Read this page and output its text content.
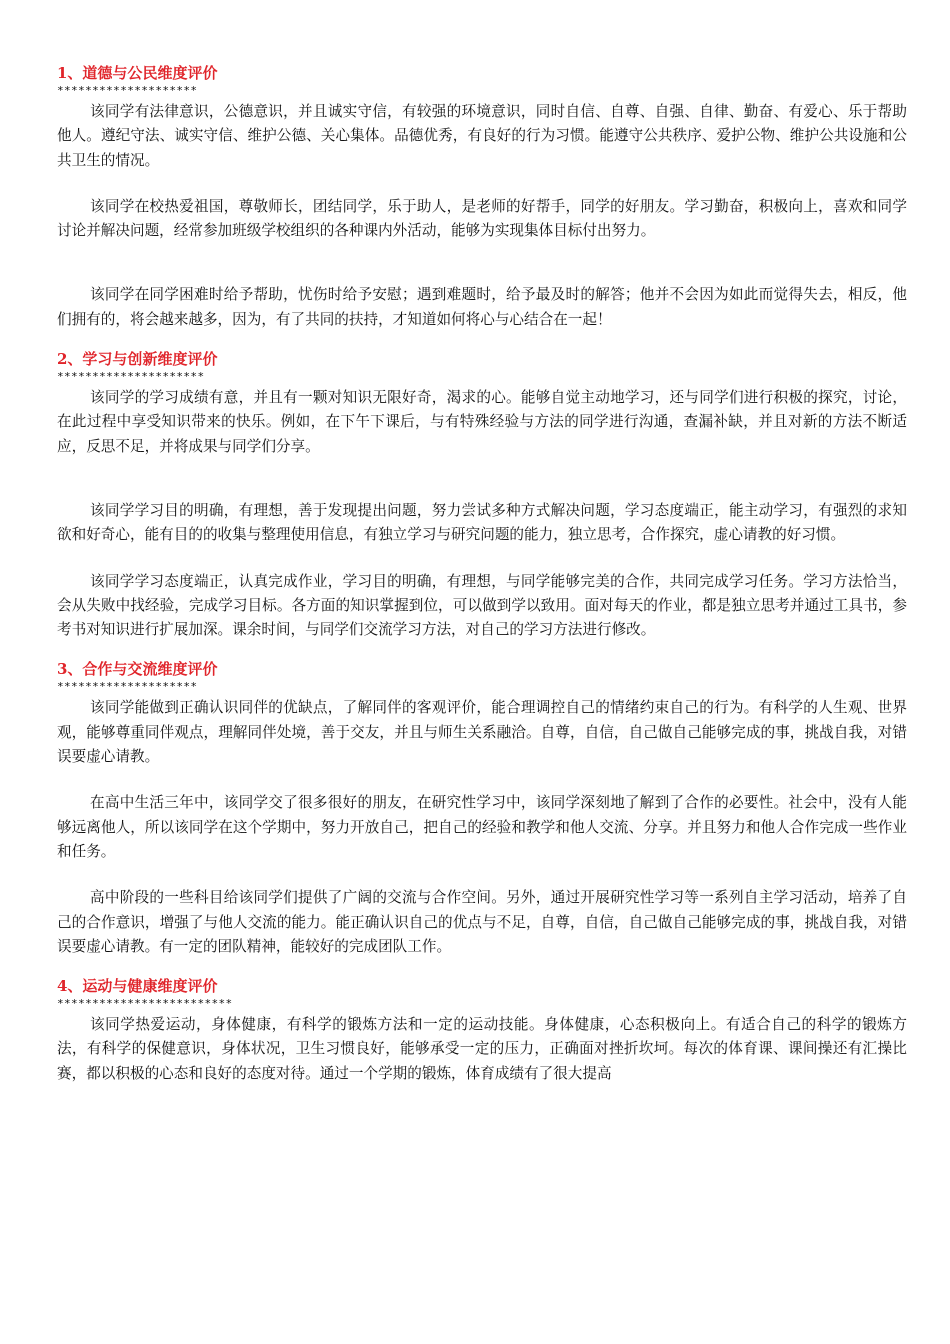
1、道德与公民维度评价
********************

该同学有法律意识，公德意识，并且诚实守信，有较强的环境意识，同时自信、自尊、自强、自律、勤奋、有爱心、乐于帮助他人。遵纪守法、诚实守信、维护公德、关心集体。品德优秀，有良好的行为习惯。能遵守公共秩序、爱护公物、维护公共设施和公共卫生的情况。

该同学在校热爱祖国，尊敬师长，团结同学，乐于助人，是老师的好帮手，同学的好朋友。学习勤奋，积极向上，喜欢和同学讨论并解决问题，经常参加班级学校组织的各种课内外活动，能够为实现集体目标付出努力。

该同学在同学困难时给予帮助，忧伤时给予安慰；遇到难题时，给予最及时的解答；他并不会因为如此而觉得失去，相反，他们拥有的，将会越来越多，因为，有了共同的扶持，才知道如何将心与心结合在一起！

2、学习与创新维度评价
*********************

该同学的学习成绩有意，并且有一颗对知识无限好奇，渴求的心。能够自觉主动地学习，还与同学们进行积极的探究，讨论，在此过程中享受知识带来的快乐。例如，在下午下课后，与有特殊经验与方法的同学进行沟通，查漏补缺，并且对新的方法不断适应，反思不足，并将成果与同学们分享。

该同学学习目的明确，有理想，善于发现提出问题，努力尝试多种方式解决问题，学习态度端正，能主动学习，有强烈的求知欲和好奇心，能有目的的收集与整理使用信息，有独立学习与研究问题的能力，独立思考，合作探究，虚心请教的好习惯。

该同学学习态度端正，认真完成作业，学习目的明确，有理想，与同学能够完美的合作，共同完成学习任务。学习方法恰当，会从失败中找经验，完成学习目标。各方面的知识掌握到位，可以做到学以致用。面对每天的作业，都是独立思考并通过工具书，参考书对知识进行扩展加深。课余时间，与同学们交流学习方法，对自己的学习方法进行修改。

3、合作与交流维度评价
********************

该同学能做到正确认识同伴的优缺点，了解同伴的客观评价，能合理调控自己的情绪约束自己的行为。有科学的人生观、世界观，能够尊重同伴观点，理解同伴处境，善于交友，并且与师生关系融洽。自尊，自信，自己做自己能够完成的事，挑战自我，对错误要虚心请教。

在高中生活三年中，该同学交了很多很好的朋友，在研究性学习中，该同学深刻地了解到了合作的必要性。社会中，没有人能够远离他人，所以该同学在这个学期中，努力开放自己，把自己的经验和教学和他人交流、分享。并且努力和他人合作完成一些作业和任务。

高中阶段的一些科目给该同学们提供了广阔的交流与合作空间。另外，通过开展研究性学习等一系列自主学习活动，培养了自己的合作意识，增强了与他人交流的能力。能正确认识自己的优点与不足，自尊，自信，自己做自己能够完成的事，挑战自我，对错误要虚心请教。有一定的团队精神，能较好的完成团队工作。

4、运动与健康维度评价
*************************

该同学热爱运动，身体健康，有科学的锻炼方法和一定的运动技能。身体健康，心态积极向上。有适合自己的科学的锻炼方法，有科学的保健意识，身体状况，卫生习惯良好，能够承受一定的压力，正确面对挫折坎坷。每次的体育课、课间操还有汇操比赛，都以积极的心态和良好的态度对待。通过一个学期的锻炼，体育成绩有了很大提高
